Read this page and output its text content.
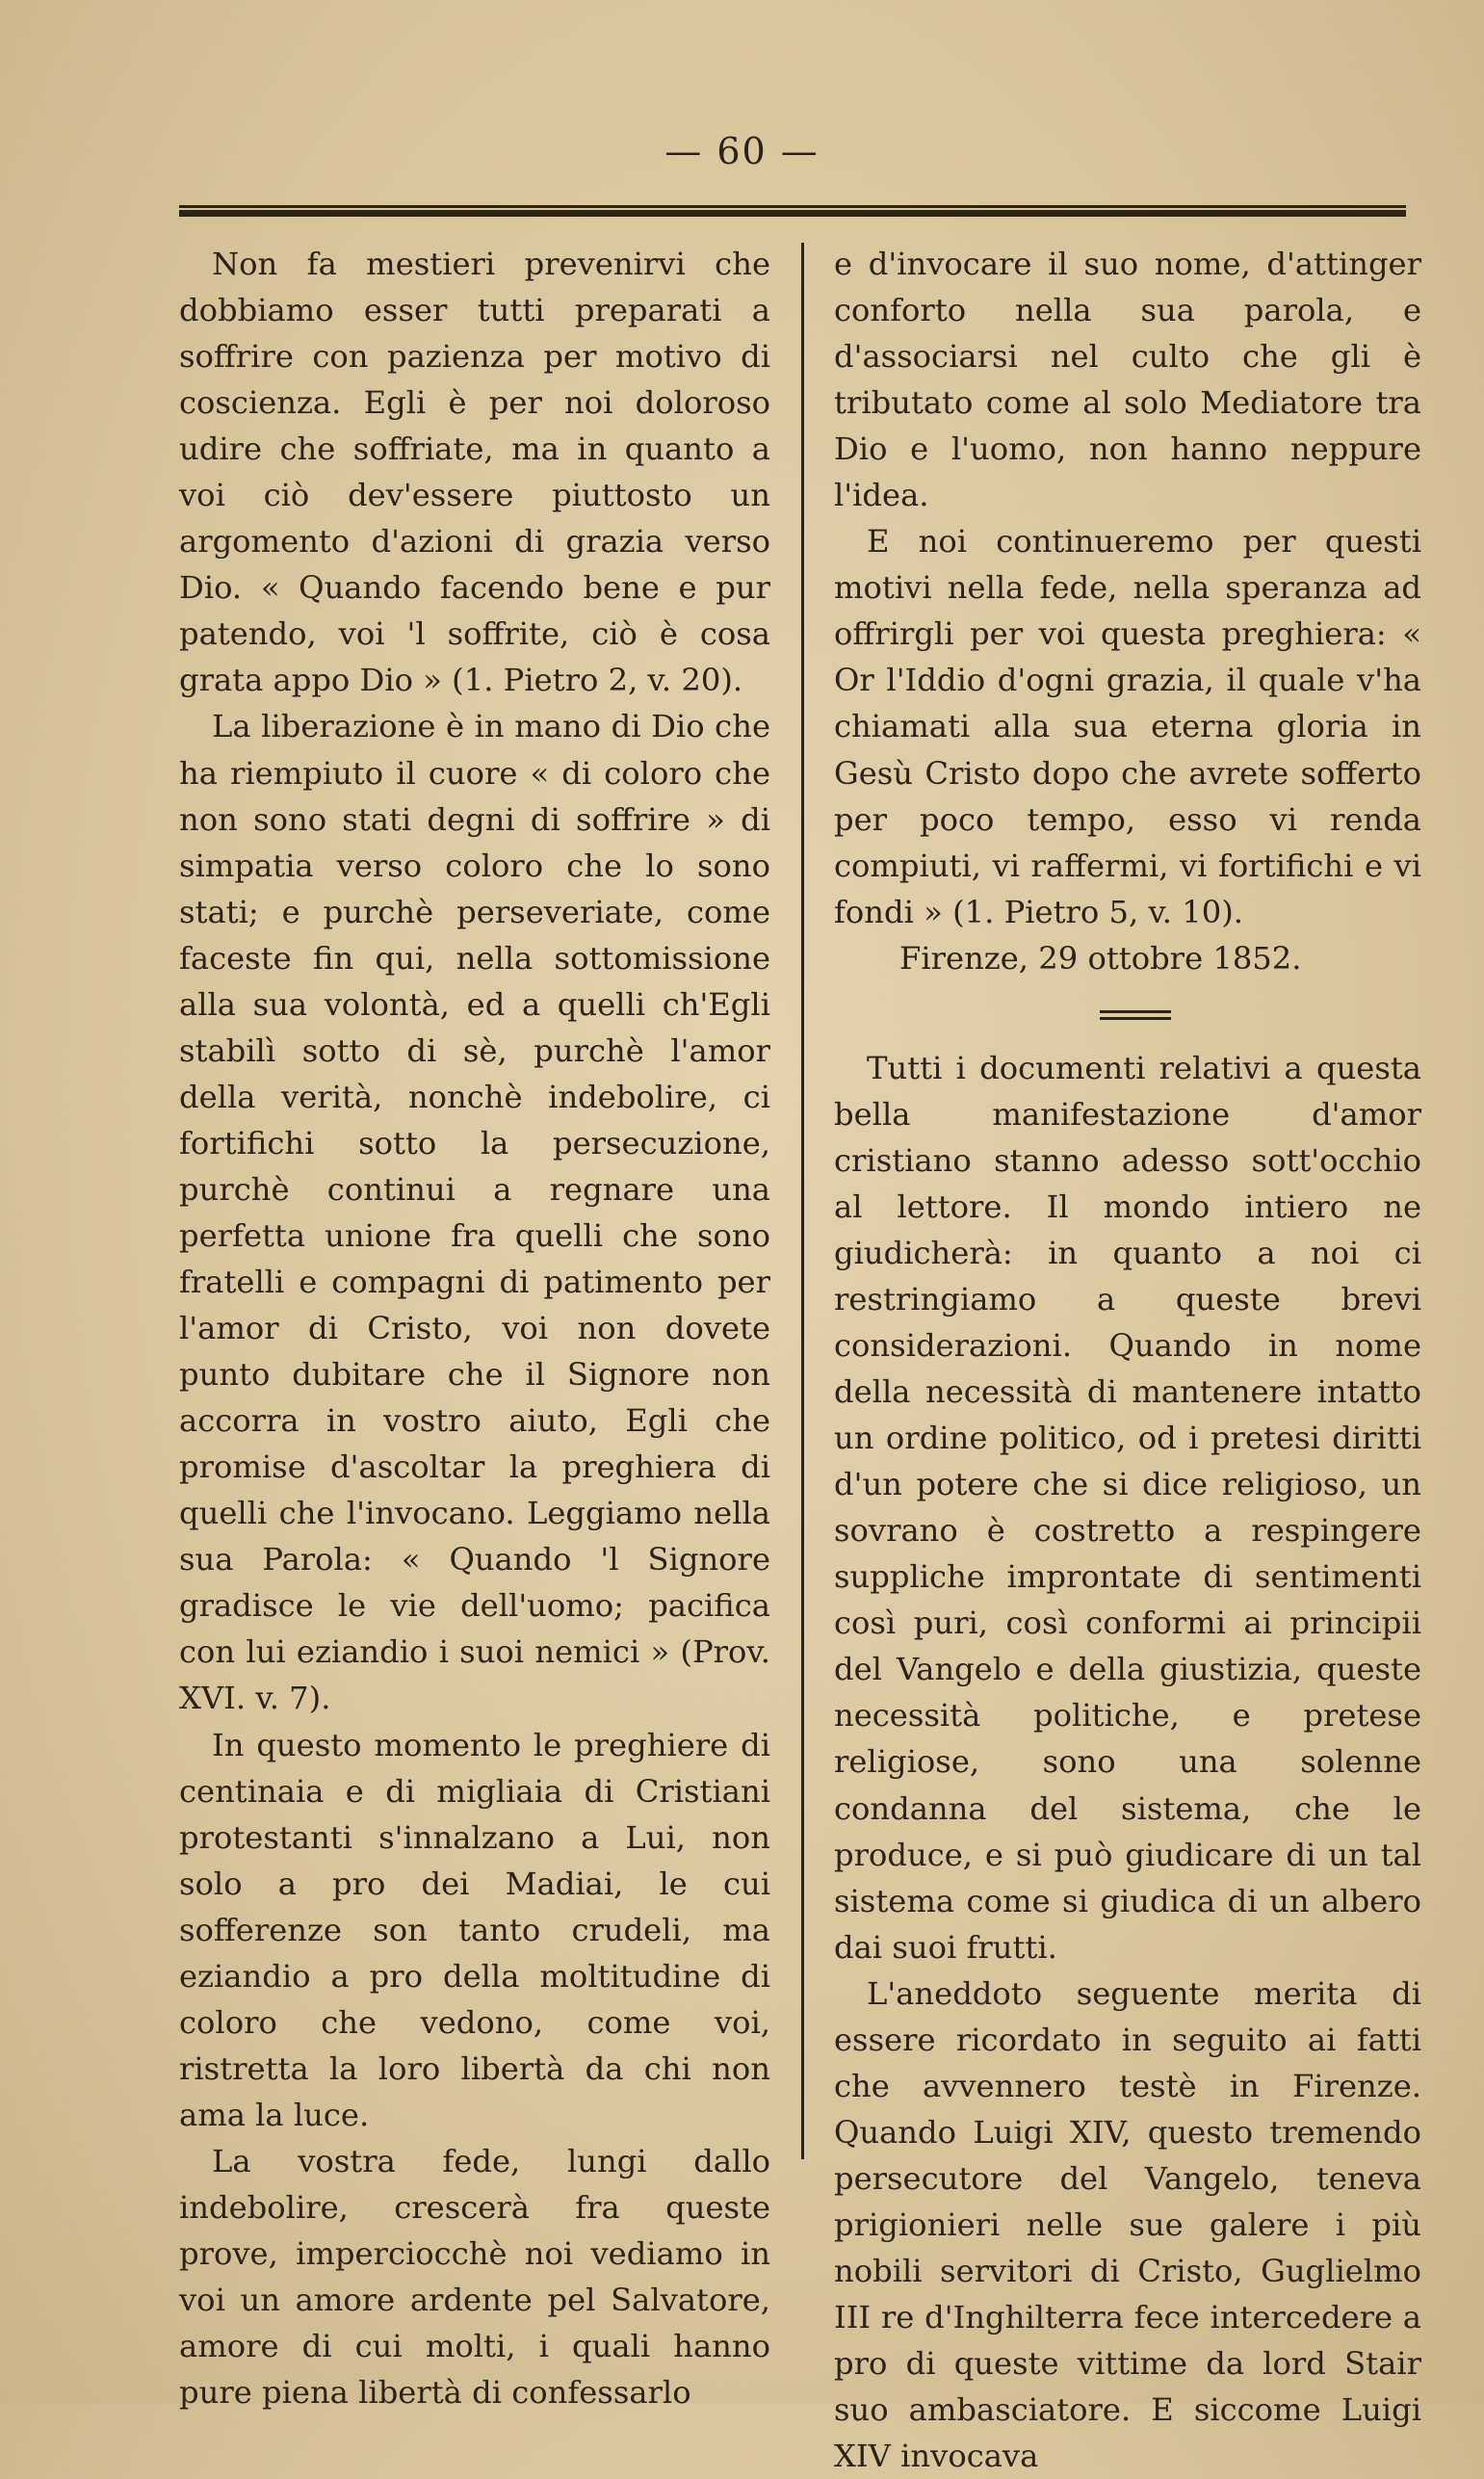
— 60 —

Non fa mestieri prevenirvi che dobbiamo esser tutti preparati a soffrire con pazienza per motivo di coscienza. Egli è per noi doloroso udire che soffriate, ma in quanto a voi ciò dev'essere piuttosto un argomento d'azioni di grazia verso Dio. « Quando facendo bene e pur patendo, voi 'l soffrite, ciò è cosa grata appo Dio » (1. Pietro 2, v. 20).

La liberazione è in mano di Dio che ha riempiuto il cuore « di coloro che non sono stati degni di soffrire » di simpatia verso coloro che lo sono stati; e purchè perseveriate, come faceste fin qui, nella sottomissione alla sua volontà, ed a quelli ch'Egli stabilì sotto di sè, purchè l'amor della verità, nonchè indebolire, ci fortifichi sotto la persecuzione, purchè continui a regnare una perfetta unione fra quelli che sono fratelli e compagni di patimento per l'amor di Cristo, voi non dovete punto dubitare che il Signore non accorra in vostro aiuto, Egli che promise d'ascoltar la preghiera di quelli che l'invocano. Leggiamo nella sua Parola: « Quando 'l Signore gradisce le vie dell'uomo; pacifica con lui eziandio i suoi nemici » (Prov. XVI. v. 7).

In questo momento le preghiere di centinaia e di migliaia di Cristiani protestanti s'innalzano a Lui, non solo a pro dei Madiai, le cui sofferenze son tanto crudeli, ma eziandio a pro della moltitudine di coloro che vedono, come voi, ristretta la loro libertà da chi non ama la luce.

La vostra fede, lungi dallo indebolire, crescerà fra queste prove, imperciocchè noi vediamo in voi un amore ardente pel Salvatore, amore di cui molti, i quali hanno pure piena libertà di confessarlo

e d'invocare il suo nome, d'attinger conforto nella sua parola, e d'associarsi nel culto che gli è tributato come al solo Mediatore tra Dio e l'uomo, non hanno neppure l'idea.

E noi continueremo per questi motivi nella fede, nella speranza ad offrirgli per voi questa preghiera: « Or l'Iddio d'ogni grazia, il quale v'ha chiamati alla sua eterna gloria in Gesù Cristo dopo che avrete sofferto per poco tempo, esso vi renda compiuti, vi raffermi, vi fortifichi e vi fondi » (1. Pietro 5, v. 10).

Firenze, 29 ottobre 1852.

Tutti i documenti relativi a questa bella manifestazione d'amor cristiano stanno adesso sott'occhio al lettore. Il mondo intiero ne giudicherà: in quanto a noi ci restringiamo a queste brevi considerazioni. Quando in nome della necessità di mantenere intatto un ordine politico, od i pretesi diritti d'un potere che si dice religioso, un sovrano è costretto a respingere suppliche improntate di sentimenti così puri, così conformi ai principii del Vangelo e della giustizia, queste necessità politiche, e pretese religiose, sono una solenne condanna del sistema, che le produce, e si può giudicare di un tal sistema come si giudica di un albero dai suoi frutti.

L'aneddoto seguente merita di essere ricordato in seguito ai fatti che avvennero testè in Firenze. Quando Luigi XIV, questo tremendo persecutore del Vangelo, teneva prigionieri nelle sue galere i più nobili servitori di Cristo, Guglielmo III re d'Inghilterra fece intercedere a pro di queste vittime da lord Stair suo ambasciatore. E siccome Luigi XIV invocava
